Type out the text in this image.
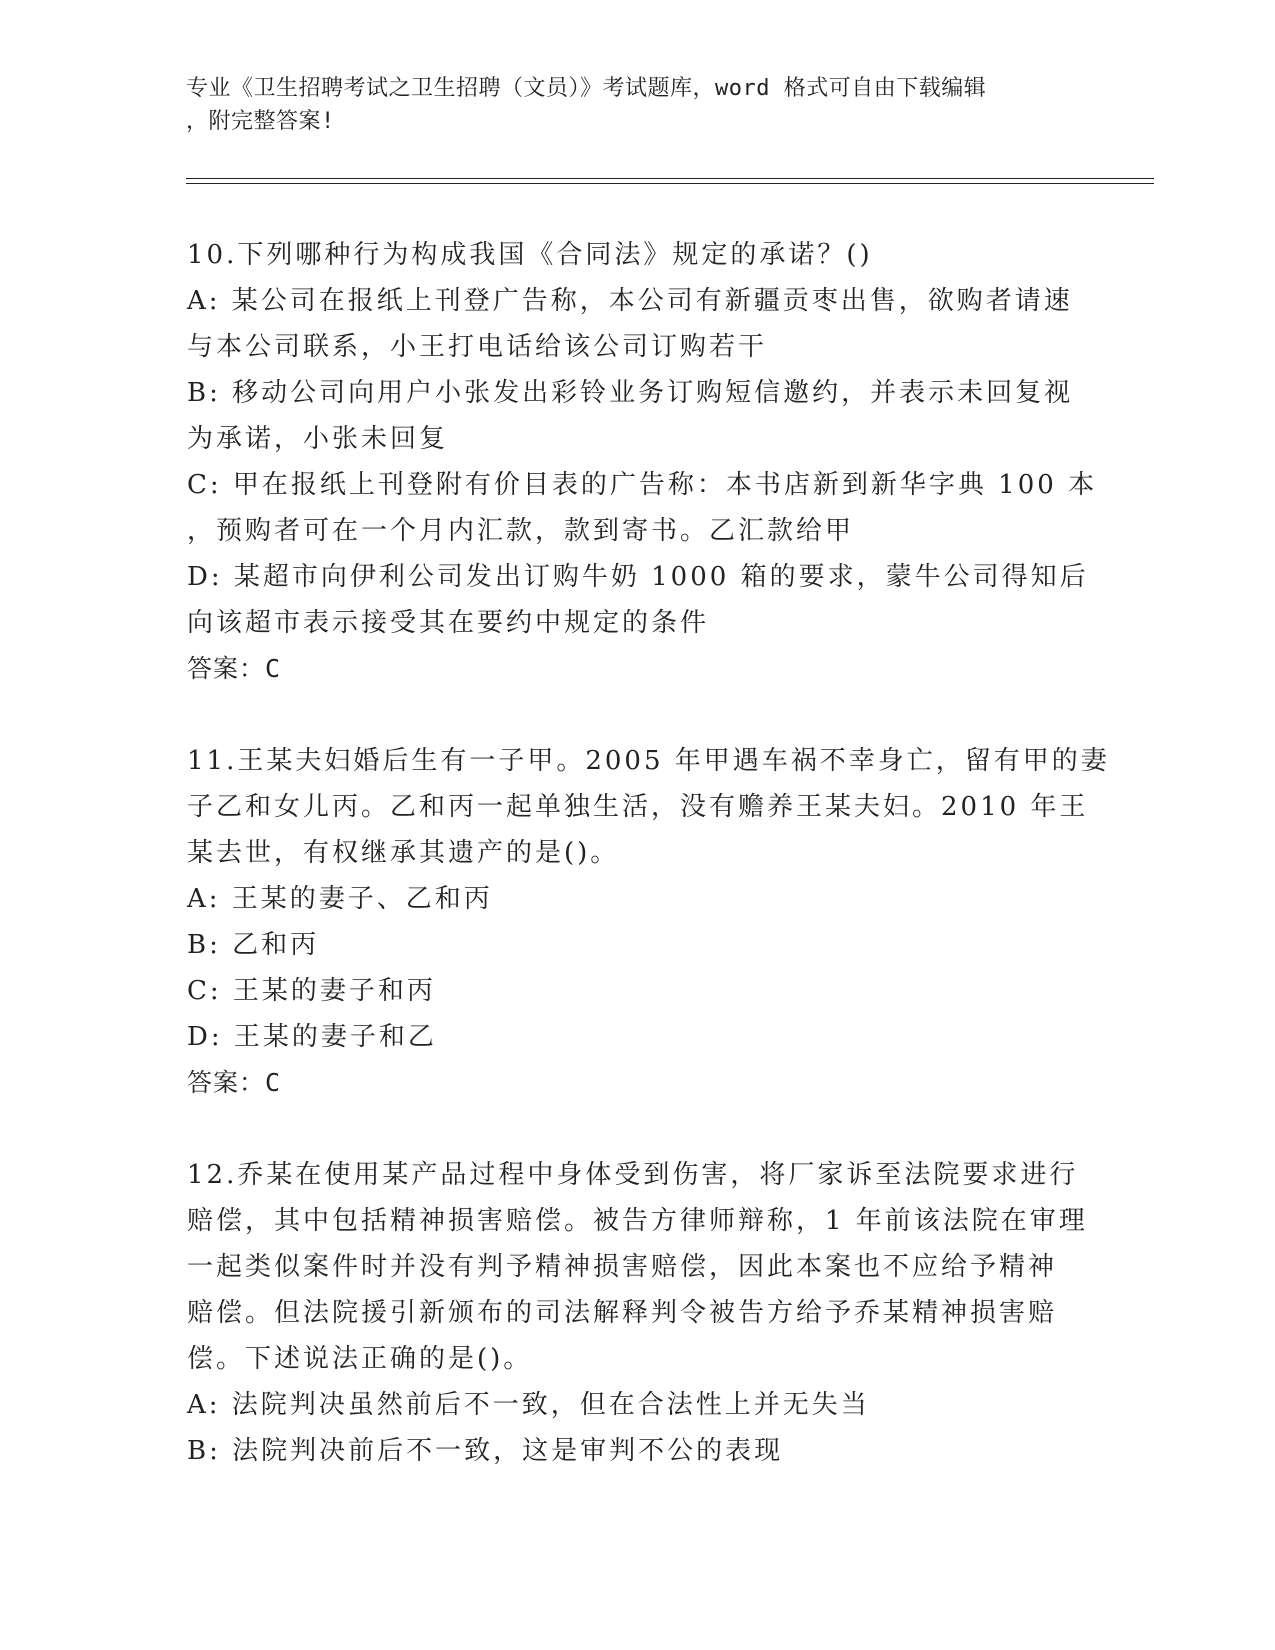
专业《卫生招聘考试之卫生招聘（文员）》考试题库，word 格式可自由下载编辑
，附完整答案!
10.下列哪种行为构成我国《合同法》规定的承诺？()
A: 某公司在报纸上刊登广告称，本公司有新疆贡枣出售，欲购者请速
与本公司联系，小王打电话给该公司订购若干
B: 移动公司向用户小张发出彩铃业务订购短信邀约，并表示未回复视
为承诺，小张未回复
C: 甲在报纸上刊登附有价目表的广告称：本书店新到新华字典 100 本
，预购者可在一个月内汇款，款到寄书。乙汇款给甲
D: 某超市向伊利公司发出订购牛奶 1000 箱的要求，蒙牛公司得知后
向该超市表示接受其在要约中规定的条件
答案：C
11.王某夫妇婚后生有一子甲。2005 年甲遇车祸不幸身亡，留有甲的妻
子乙和女儿丙。乙和丙一起单独生活，没有赡养王某夫妇。2010 年王
某去世，有权继承其遗产的是()。
A: 王某的妻子、乙和丙
B: 乙和丙
C: 王某的妻子和丙
D: 王某的妻子和乙
答案：C
12.乔某在使用某产品过程中身体受到伤害，将厂家诉至法院要求进行
赔偿，其中包括精神损害赔偿。被告方律师辩称，1 年前该法院在审理
一起类似案件时并没有判予精神损害赔偿，因此本案也不应给予精神
赔偿。但法院援引新颁布的司法解释判令被告方给予乔某精神损害赔
偿。下述说法正确的是()。
A: 法院判决虽然前后不一致，但在合法性上并无失当
B: 法院判决前后不一致，这是审判不公的表现
